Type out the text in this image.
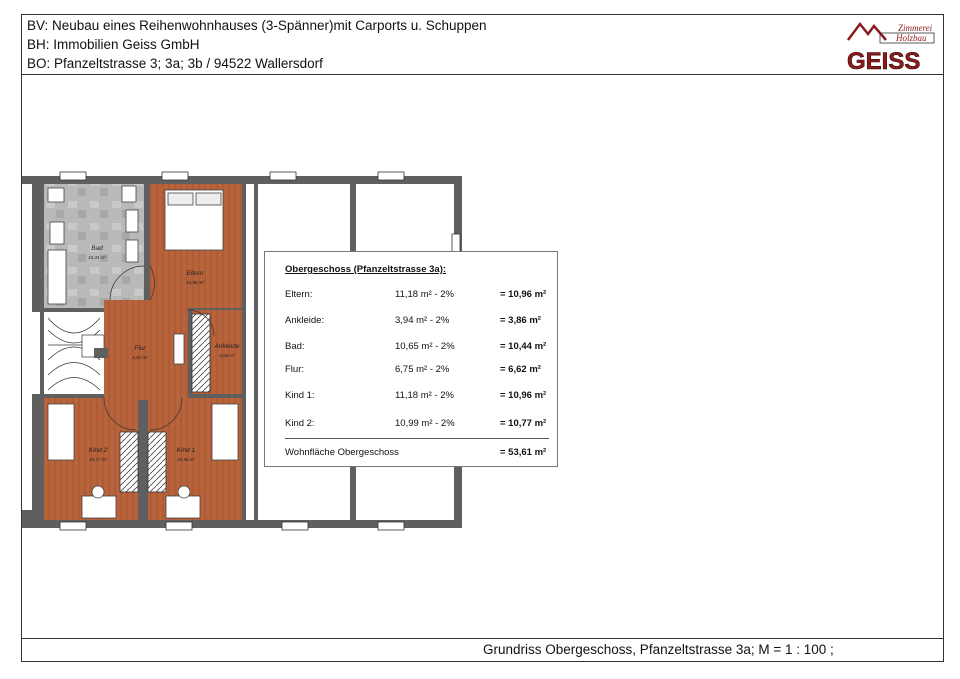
BV: Neubau eines Reihenwohnhauses (3-Spänner)mit Carports u. Schuppen
BH: Immobilien Geiss GmbH
BO: Pfanzeltstrasse 3; 3a; 3b / 94522 Wallersdorf
Zimmerei
Holzbau
GEISS
Bad
10,44 m²
Eltern
10,96 m²
Flur
6,62 m²
Ankleide
3,86 m²
Kind 2
10,77 m²
Kind 1
10,96 m²
Obergeschoss (Pfanzeltstrasse 3a):
Eltern:	11,18 m² - 2%	= 10,96 m²
Ankleide:	3,94 m² - 2%	= 3,86 m²
Bad:	10,65 m² - 2%	= 10,44 m²
Flur:	6,75 m² - 2%	= 6,62 m²
Kind 1:	11,18 m² - 2%	= 10,96 m²
Kind 2:	10,99 m² - 2%	= 10,77 m²
Wohnfläche Obergeschoss	= 53,61 m²
Grundriss Obergeschoss, Pfanzeltstrasse 3a; M = 1 : 100 ;
